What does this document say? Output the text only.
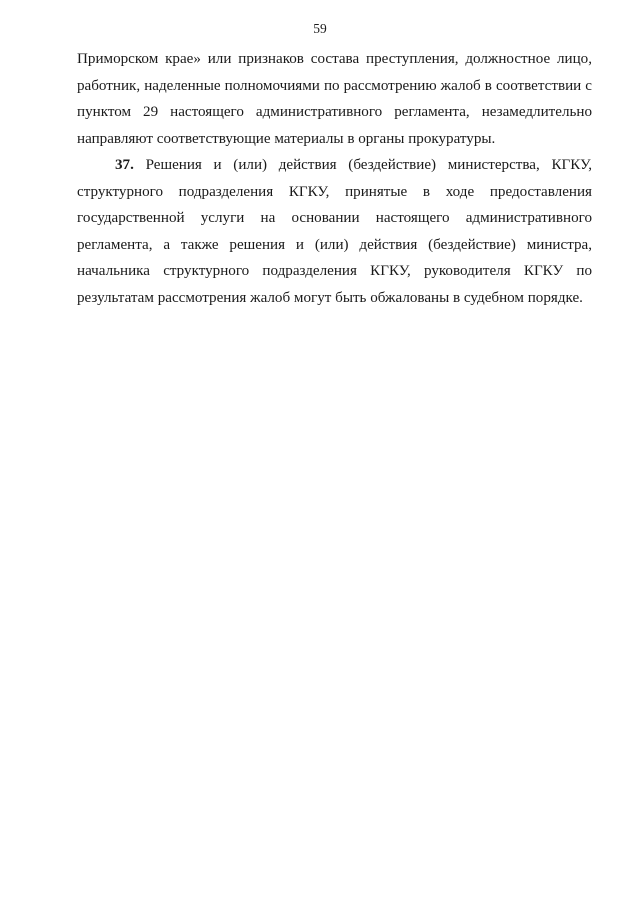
59

Приморском крае» или признаков состава преступления, должностное лицо, работник, наделенные полномочиями по рассмотрению жалоб в соответствии с пунктом 29 настоящего административного регламента, незамедлительно направляют соответствующие материалы в органы прокуратуры.

37. Решения и (или) действия (бездействие) министерства, КГКУ, структурного подразделения КГКУ, принятые в ходе предоставления государственной услуги на основании настоящего административного регламента, а также решения и (или) действия (бездействие) министра, начальника структурного подразделения КГКУ, руководителя КГКУ по результатам рассмотрения жалоб могут быть обжалованы в судебном порядке.
